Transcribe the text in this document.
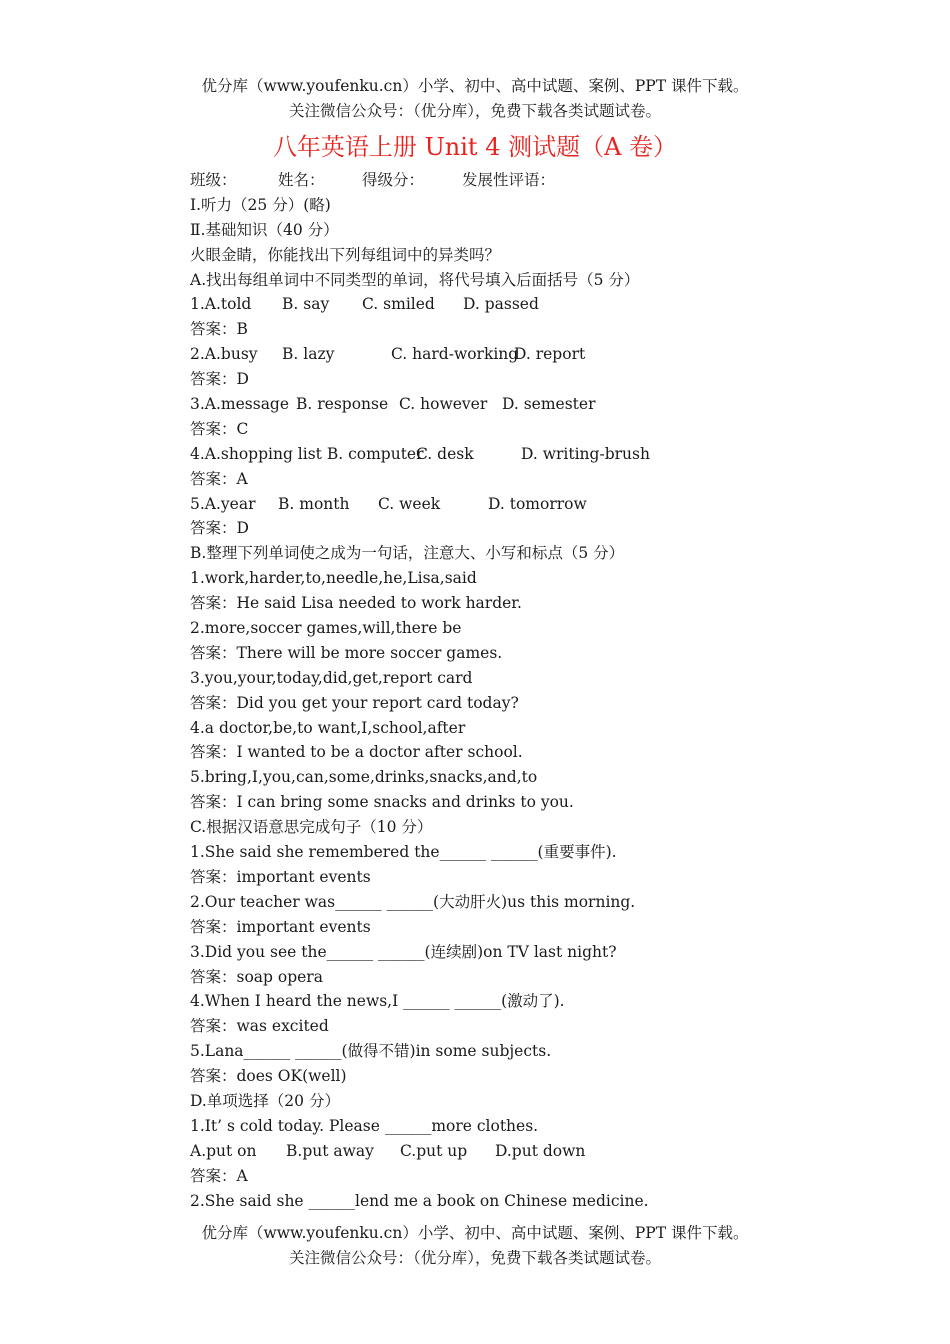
优分库（www.youfenku.cn）小学、初中、高中试题、案例、PPT 课件下载。
关注微信公众号：（优分库），免费下载各类试题试卷。
八年英语上册 Unit 4 测试题（A 卷）
班级：	姓名： 得级分： 发展性评语：
Ⅰ.听力（25 分）(略)
Ⅱ.基础知识（40 分）
火眼金睛，你能找出下列每组词中的异类吗？
A.找出每组单词中不同类型的单词，将代号填入后面括号（5 分）
1.A.told B. say C. smiled D. passed
答案：B
2.A.busy B. lazy	C. hard-workingD. report
答案：D
3.A.message B. response C. however D. semester
答案：C
4.A.shopping list B. computerC. desk	D. writing-brush
答案：A
5.A.year B. month C. week	D. tomorrow
答案：D
B.整理下列单词使之成为一句话，注意大、小写和标点（5 分）
1.work,harder,to,needle,he,Lisa,said
答案：He said Lisa needed to work harder.
2.more,soccer games,will,there be
答案：There will be more soccer games.
3.you,your,today,did,get,report card
答案：Did you get your report card today?
4.a doctor,be,to want,I,school,after
答案：I wanted to be a doctor after school.
5.bring,I,you,can,some,drinks,snacks,and,to
答案：I can bring some snacks and drinks to you.
C.根据汉语意思完成句子（10 分）
1.She said she remembered the______ ______(重要事件).
答案：important events
2.Our teacher was______ ______(大动肝火)us this morning.
答案：important events
3.Did you see the______ ______(连续剧)on TV last night?
答案：soap opera
4.When I heard the news,I ______ ______(激动了).
答案：was excited
5.Lana______ ______(做得不错)in some subjects.
答案：does OK(well)
D.单项选择（20 分）
1.It’ s cold today. Please ______more clothes.
A.put on B.put away C.put up D.put down
答案：A
2.She said she ______lend me a book on Chinese medicine.
优分库（www.youfenku.cn）小学、初中、高中试题、案例、PPT 课件下载。
关注微信公众号：（优分库），免费下载各类试题试卷。
